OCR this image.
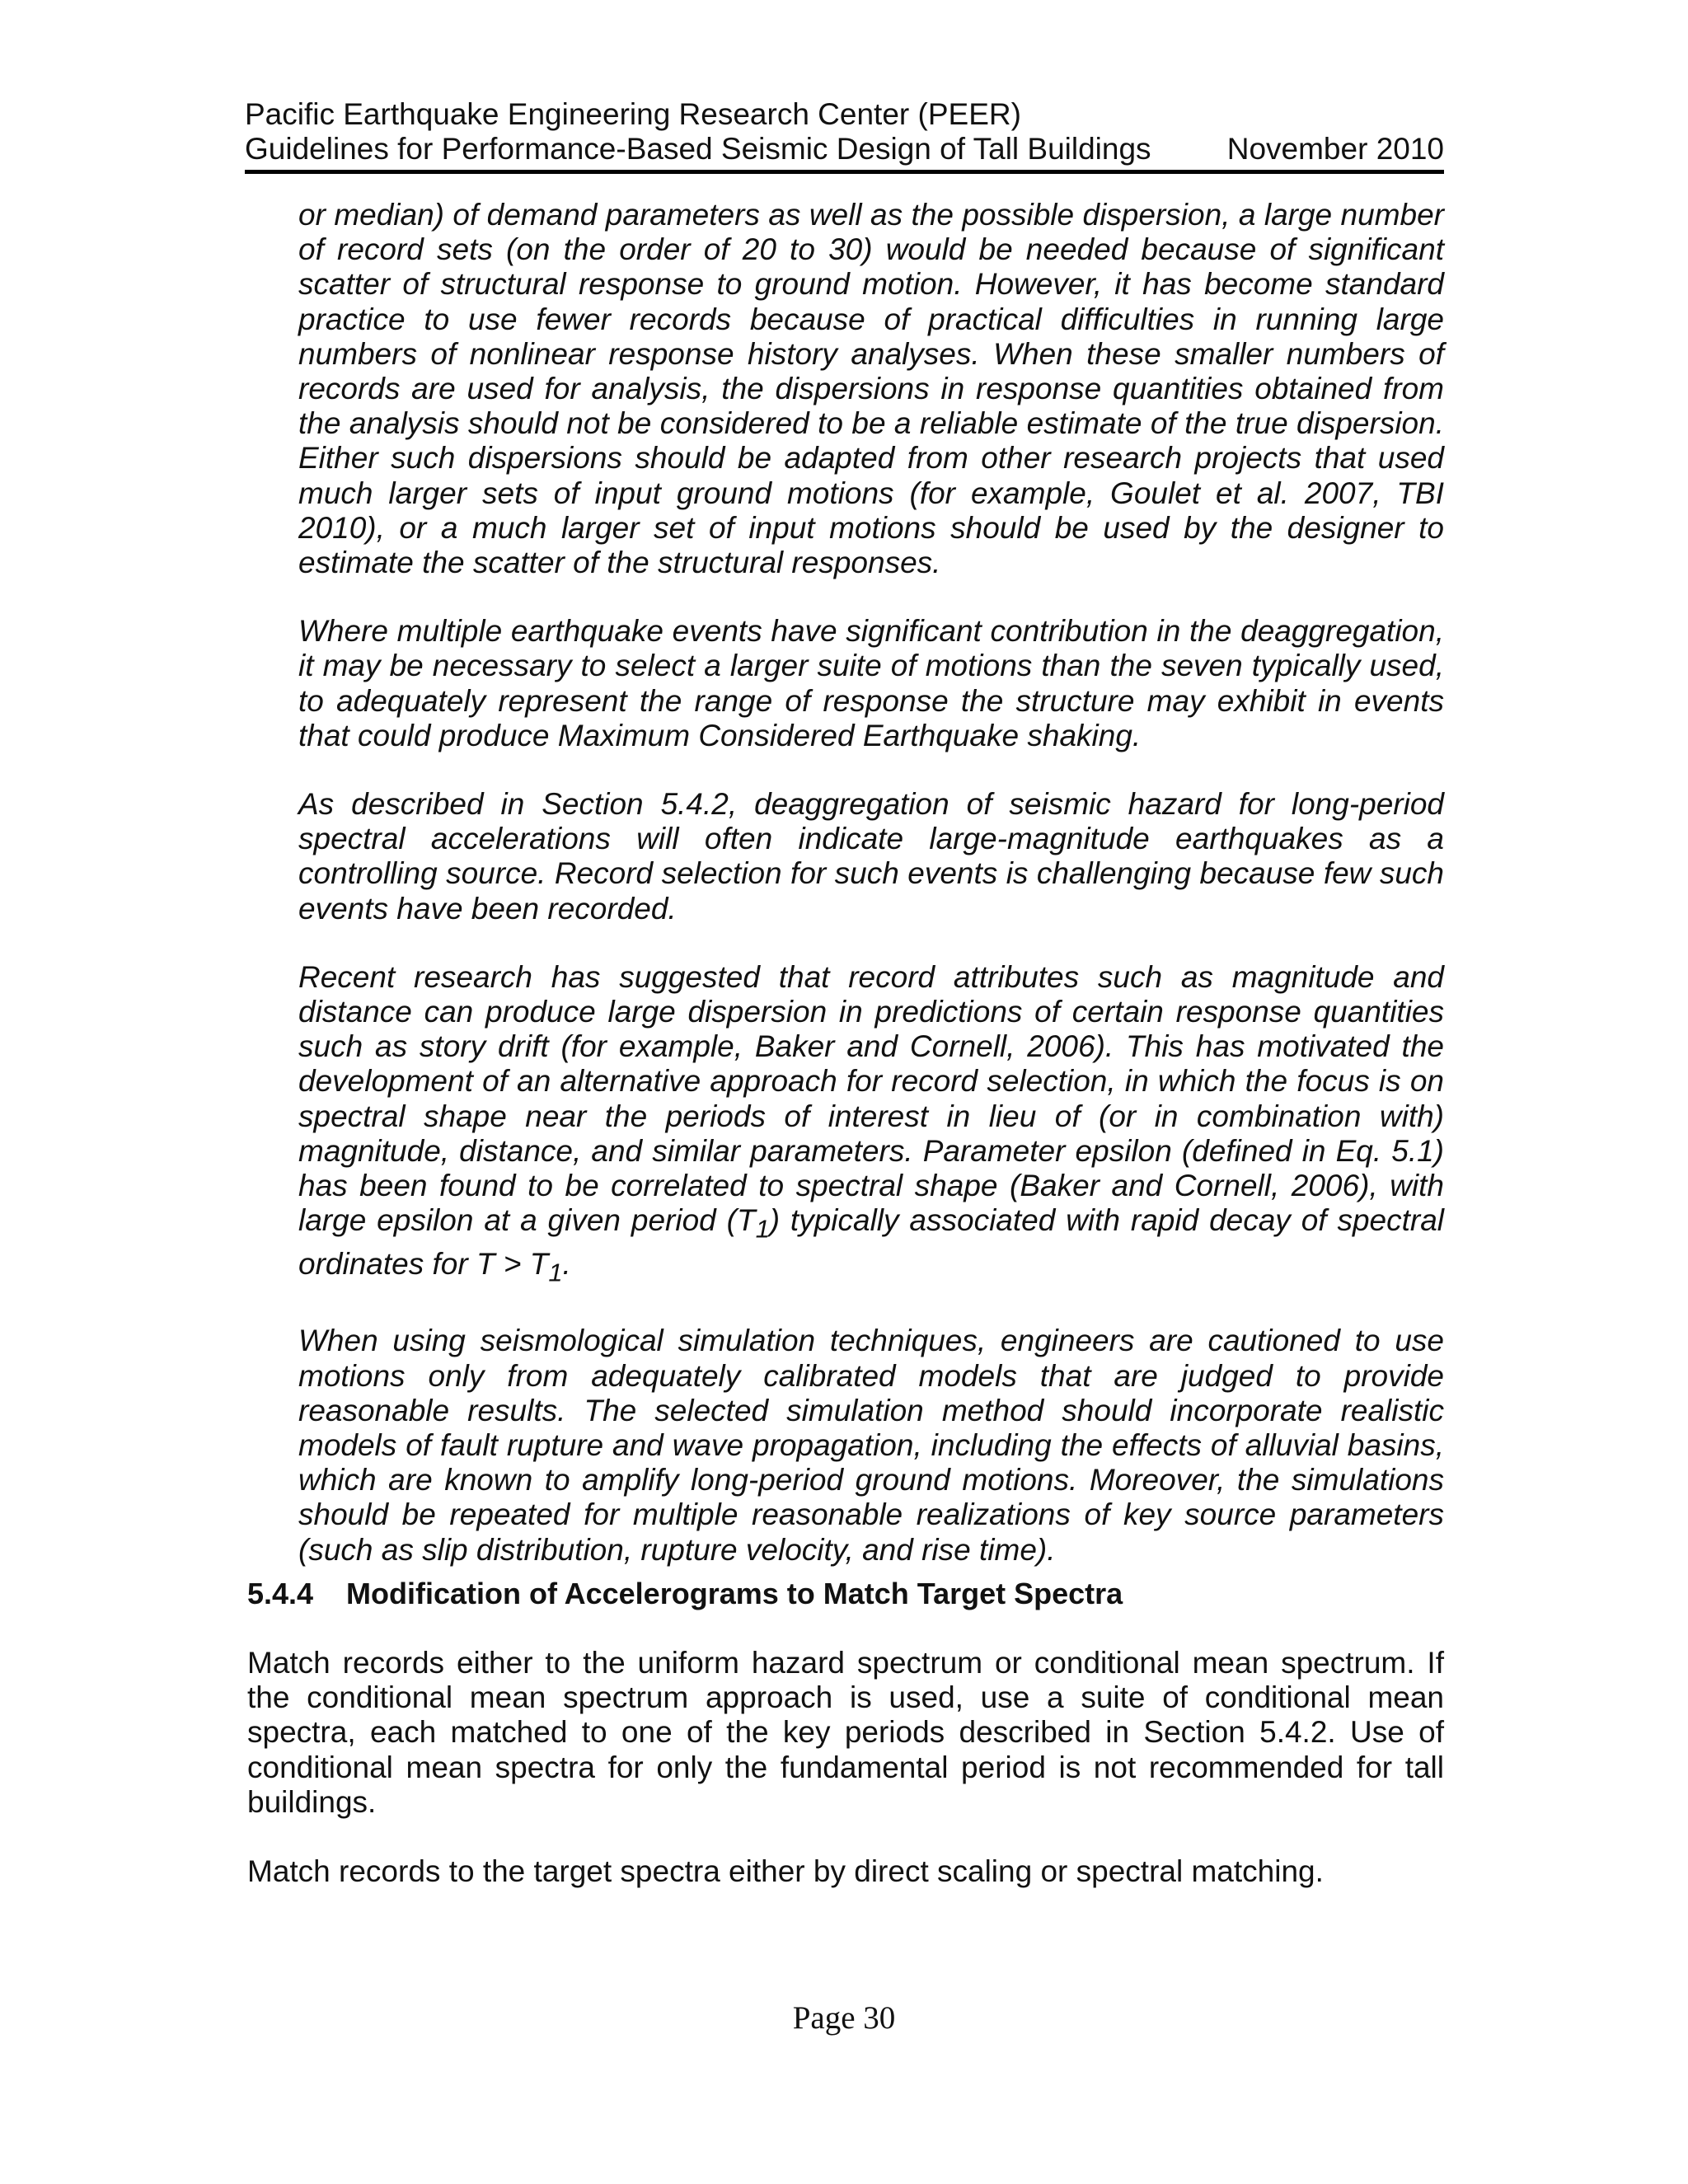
Pacific Earthquake Engineering Research Center (PEER)
Guidelines for Performance-Based Seismic Design of Tall Buildings November 2010

or median) of demand parameters as well as the possible dispersion, a large number of record sets (on the order of 20 to 30) would be needed because of significant scatter of structural response to ground motion. However, it has become standard practice to use fewer records because of practical difficulties in running large numbers of nonlinear response history analyses. When these smaller numbers of records are used for analysis, the dispersions in response quantities obtained from the analysis should not be considered to be a reliable estimate of the true dispersion. Either such dispersions should be adapted from other research projects that used much larger sets of input ground motions (for example, Goulet et al. 2007, TBI 2010), or a much larger set of input motions should be used by the designer to estimate the scatter of the structural responses.

Where multiple earthquake events have significant contribution in the deaggregation, it may be necessary to select a larger suite of motions than the seven typically used, to adequately represent the range of response the structure may exhibit in events that could produce Maximum Considered Earthquake shaking.

As described in Section 5.4.2, deaggregation of seismic hazard for long-period spectral accelerations will often indicate large-magnitude earthquakes as a controlling source. Record selection for such events is challenging because few such events have been recorded.

Recent research has suggested that record attributes such as magnitude and distance can produce large dispersion in predictions of certain response quantities such as story drift (for example, Baker and Cornell, 2006). This has motivated the development of an alternative approach for record selection, in which the focus is on spectral shape near the periods of interest in lieu of (or in combination with) magnitude, distance, and similar parameters. Parameter epsilon (defined in Eq. 5.1) has been found to be correlated to spectral shape (Baker and Cornell, 2006), with large epsilon at a given period $(T_1)$ typically associated with rapid decay of spectral ordinates for $T > T_1$.

When using seismological simulation techniques, engineers are cautioned to use motions only from adequately calibrated models that are judged to provide reasonable results. The selected simulation method should incorporate realistic models of fault rupture and wave propagation, including the effects of alluvial basins, which are known to amplify long-period ground motions. Moreover, the simulations should be repeated for multiple reasonable realizations of key source parameters (such as slip distribution, rupture velocity, and rise time).

5.4.4 Modification of Accelerograms to Match Target Spectra

Match records either to the uniform hazard spectrum or conditional mean spectrum. If the conditional mean spectrum approach is used, use a suite of conditional mean spectra, each matched to one of the key periods described in Section 5.4.2. Use of conditional mean spectra for only the fundamental period is not recommended for tall buildings.

Match records to the target spectra either by direct scaling or spectral matching.

Page 30
